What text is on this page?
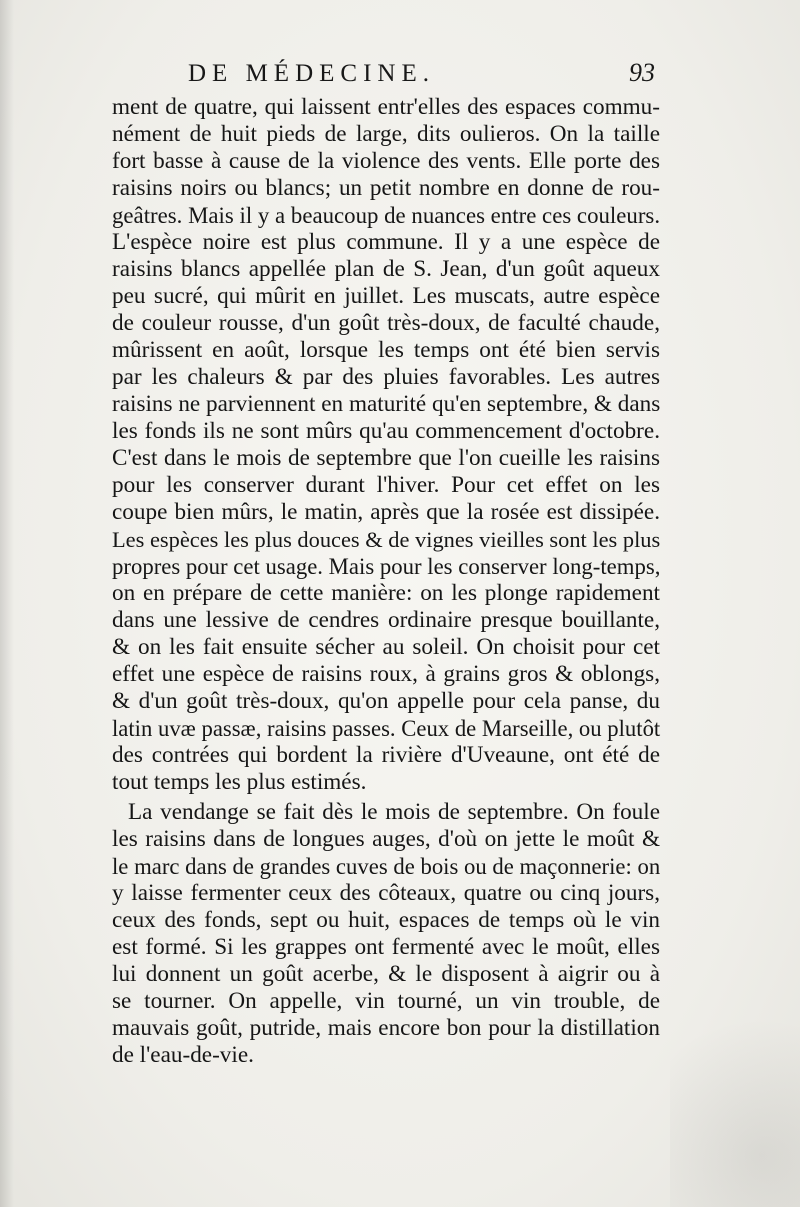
DE MÉDECINE.	93
ment de quatre, qui laissent entr'elles des espaces commu-
nément de huit pieds de large, dits oulieros. On la taille
fort basse à cause de la violence des vents. Elle porte des
raisins noirs ou blancs; un petit nombre en donne de rou-
geâtres. Mais il y a beaucoup de nuances entre ces couleurs.
L'espèce noire est plus commune. Il y a une espèce de
raisins blancs appellée plan de S. Jean, d'un goût aqueux
peu sucré, qui mûrit en juillet. Les muscats, autre espèce
de couleur rousse, d'un goût très-doux, de faculté chaude,
mûrissent en août, lorsque les temps ont été bien servis
par les chaleurs & par des pluies favorables. Les autres
raisins ne parviennent en maturité qu'en septembre, & dans
les fonds ils ne sont mûrs qu'au commencement d'octobre.
C'est dans le mois de septembre que l'on cueille les raisins
pour les conserver durant l'hiver. Pour cet effet on les
coupe bien mûrs, le matin, après que la rosée est dissipée.
Les espèces les plus douces & de vignes vieilles sont les plus
propres pour cet usage. Mais pour les conserver long-temps,
on en prépare de cette manière: on les plonge rapidement
dans une lessive de cendres ordinaire presque bouillante,
& on les fait ensuite sécher au soleil. On choisit pour cet
effet une espèce de raisins roux, à grains gros & oblongs,
& d'un goût très-doux, qu'on appelle pour cela panse, du
latin uvæ passæ, raisins passes. Ceux de Marseille, ou plutôt
des contrées qui bordent la rivière d'Uveaune, ont été de
tout temps les plus estimés.
La vendange se fait dès le mois de septembre. On foule
les raisins dans de longues auges, d'où on jette le moût &
le marc dans de grandes cuves de bois ou de maçonnerie: on
y laisse fermenter ceux des côteaux, quatre ou cinq jours,
ceux des fonds, sept ou huit, espaces de temps où le vin
est formé. Si les grappes ont fermenté avec le moût, elles
lui donnent un goût acerbe, & le disposent à aigrir ou à
se tourner. On appelle, vin tourné, un vin trouble, de
mauvais goût, putride, mais encore bon pour la distillation
de l'eau-de-vie.
